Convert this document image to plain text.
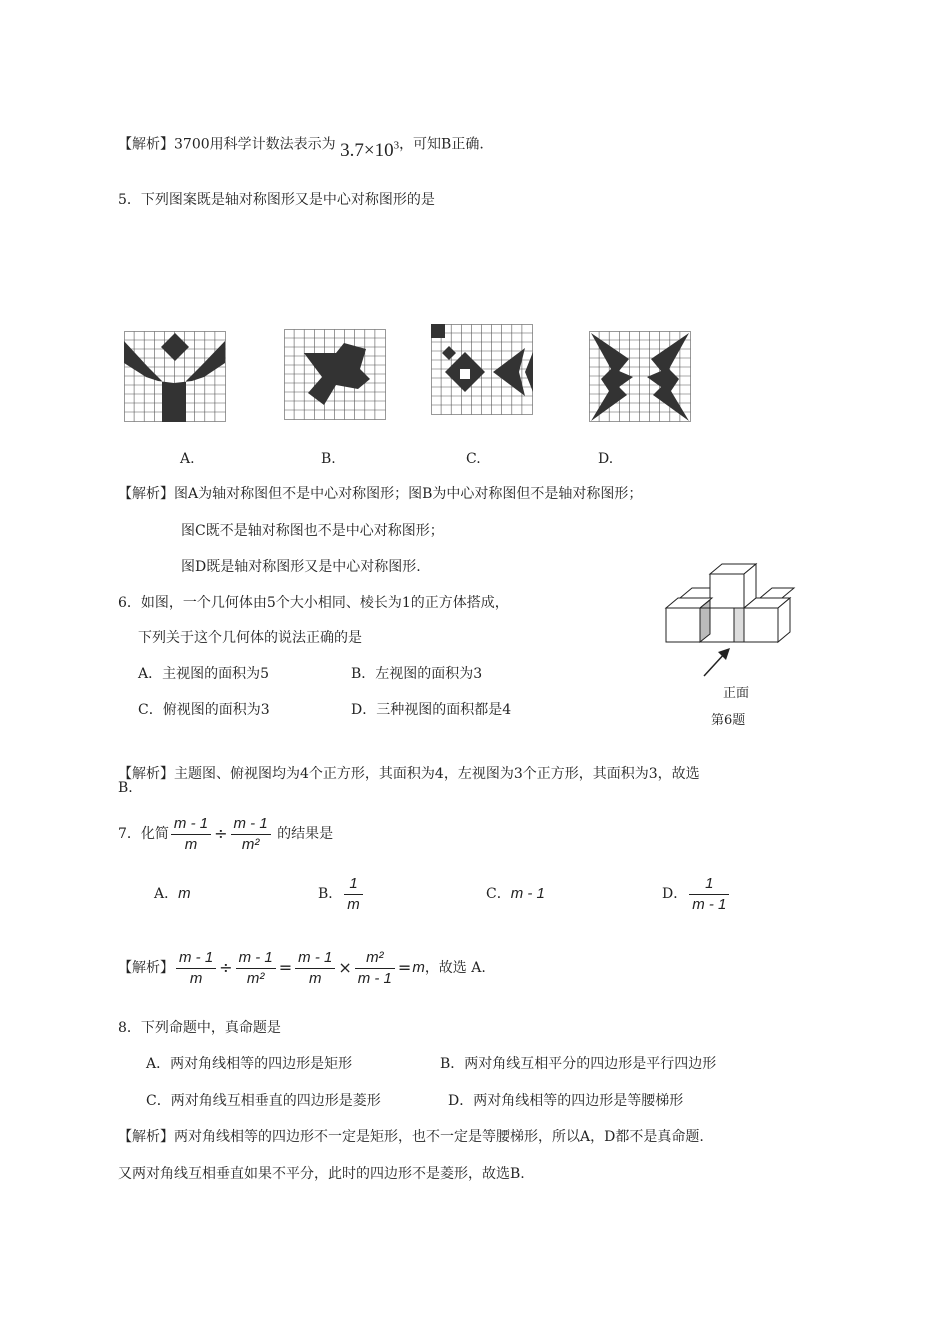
【解析】3700用科学计数法表示为 $3.7\times 10^3$，可知B正确.
5．下列图案既是轴对称图形又是中心对称图形的是
A.	B.	C.	D.
【解析】图A为轴对称图但不是中心对称图形；图B为中心对称图但不是轴对称图形；
图C既不是轴对称图也不是中心对称图形；
图D既是轴对称图形又是中心对称图形.
6．如图，一个几何体由5个大小相同、棱长为1的正方体搭成，
下列关于这个几何体的说法正确的是
A．主视图的面积为5	B．左视图的面积为3
C．俯视图的面积为3	D．三种视图的面积都是4
正面
第6题
【解析】主题图、俯视图均为4个正方形，其面积为4，左视图为3个正方形，其面积为3，故选
B.
7．化简 $\frac{m - 1}{m} \div \frac{m - 1}{\text{m²}}$ 的结果是
A．m	B． $\frac{1}{m}$	C．m - 1	D． $\frac{1}{m - 1}$
【解析】 $\frac{m - 1}{m} \div \frac{m - 1}{\text{m²}} = \frac{m - 1}{m} \times \frac{\text{m²}}{m - 1} =m$，故选 A.
8．下列命题中，真命题是
A．两对角线相等的四边形是矩形	B．两对角线互相平分的四边形是平行四边形
C．两对角线互相垂直的四边形是菱形	D．两对角线相等的四边形是等腰梯形
【解析】两对角线相等的四边形不一定是矩形，也不一定是等腰梯形，所以A，D都不是真命题.
又两对角线互相垂直如果不平分，此时的四边形不是菱形，故选B.
